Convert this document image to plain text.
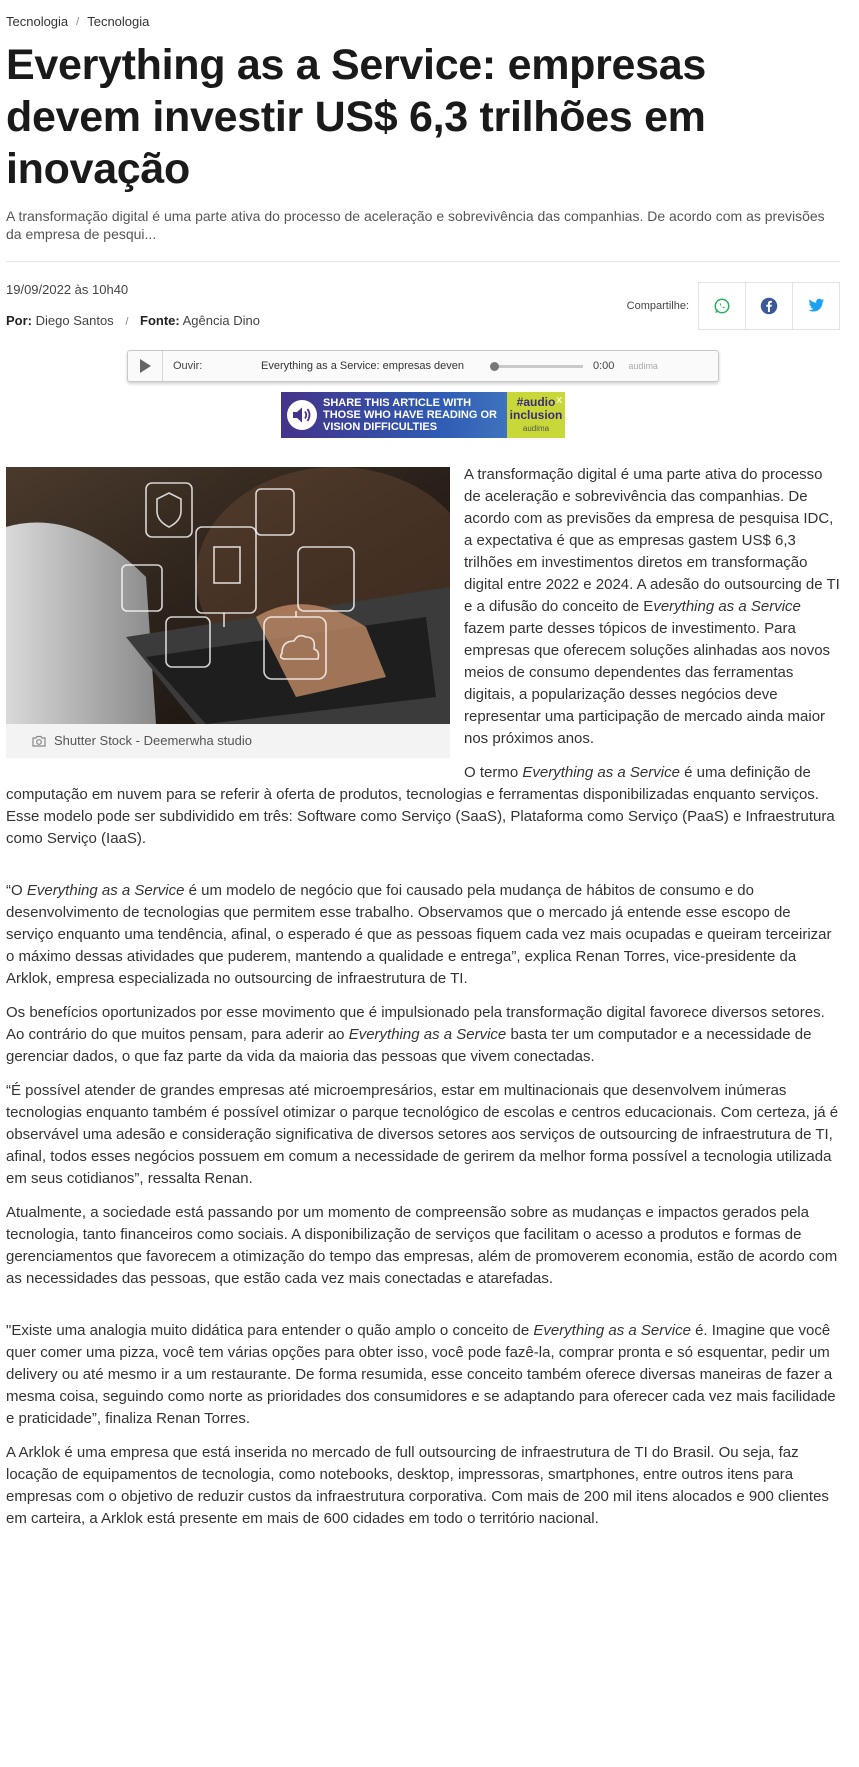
Tecnologia / Tecnologia
Everything as a Service: empresas devem investir US$ 6,3 trilhões em inovação

A transformação digital é uma parte ativa do processo de aceleração e sobrevivência das companhias. De acordo com as previsões da empresa de pesqui...

19/09/2022 às 10h40
Por: Diego Santos / Fonte: Agência Dino
Compartilhe:
Ouvir:	Everything as a Service: empresas deven	0:00 audima
SHARE THIS ARTICLE WITH THOSE WHO HAVE READING OR VISION DIFFICULTIES
#audio
inclusion
audima
x
Shutter Stock - Deemerwha studio

A transformação digital é uma parte ativa do processo de aceleração e sobrevivência das companhias. De acordo com as previsões da empresa de pesquisa IDC, a expectativa é que as empresas gastem US$ 6,3 trilhões em investimentos diretos em transformação digital entre 2022 e 2024. A adesão do outsourcing de TI e a difusão do conceito de Everything as a Service fazem parte desses tópicos de investimento. Para empresas que oferecem soluções alinhadas aos novos meios de consumo dependentes das ferramentas digitais, a popularização desses negócios deve representar uma participação de mercado ainda maior nos próximos anos.

O termo Everything as a Service é uma definição de computação em nuvem para se referir à oferta de produtos, tecnologias e ferramentas disponibilizadas enquanto serviços. Esse modelo pode ser subdividido em três: Software como Serviço (SaaS), Plataforma como Serviço (PaaS) e Infraestrutura como Serviço (IaaS).

“O Everything as a Service é um modelo de negócio que foi causado pela mudança de hábitos de consumo e do desenvolvimento de tecnologias que permitem esse trabalho. Observamos que o mercado já entende esse escopo de serviço enquanto uma tendência, afinal, o esperado é que as pessoas fiquem cada vez mais ocupadas e queiram terceirizar o máximo dessas atividades que puderem, mantendo a qualidade e entrega”, explica Renan Torres, vice-presidente da Arklok, empresa especializada no outsourcing de infraestrutura de TI.

Os benefícios oportunizados por esse movimento que é impulsionado pela transformação digital favorece diversos setores. Ao contrário do que muitos pensam, para aderir ao Everything as a Service basta ter um computador e a necessidade de gerenciar dados, o que faz parte da vida da maioria das pessoas que vivem conectadas.

“É possível atender de grandes empresas até microempresários, estar em multinacionais que desenvolvem inúmeras tecnologias enquanto também é possível otimizar o parque tecnológico de escolas e centros educacionais. Com certeza, já é observável uma adesão e consideração significativa de diversos setores aos serviços de outsourcing de infraestrutura de TI, afinal, todos esses negócios possuem em comum a necessidade de gerirem da melhor forma possível a tecnologia utilizada em seus cotidianos”, ressalta Renan.

Atualmente, a sociedade está passando por um momento de compreensão sobre as mudanças e impactos gerados pela tecnologia, tanto financeiros como sociais. A disponibilização de serviços que facilitam o acesso a produtos e formas de gerenciamentos que favorecem a otimização do tempo das empresas, além de promoverem economia, estão de acordo com as necessidades das pessoas, que estão cada vez mais conectadas e atarefadas.

"Existe uma analogia muito didática para entender o quão amplo o conceito de Everything as a Service é. Imagine que você quer comer uma pizza, você tem várias opções para obter isso, você pode fazê-la, comprar pronta e só esquentar, pedir um delivery ou até mesmo ir a um restaurante. De forma resumida, esse conceito também oferece diversas maneiras de fazer a mesma coisa, seguindo como norte as prioridades dos consumidores e se adaptando para oferecer cada vez mais facilidade e praticidade”, finaliza Renan Torres.

A Arklok é uma empresa que está inserida no mercado de full outsourcing de infraestrutura de TI do Brasil. Ou seja, faz locação de equipamentos de tecnologia, como notebooks, desktop, impressoras, smartphones, entre outros itens para empresas com o objetivo de reduzir custos da infraestrutura corporativa. Com mais de 200 mil itens alocados e 900 clientes em carteira, a Arklok está presente em mais de 600 cidades em todo o território nacional.
